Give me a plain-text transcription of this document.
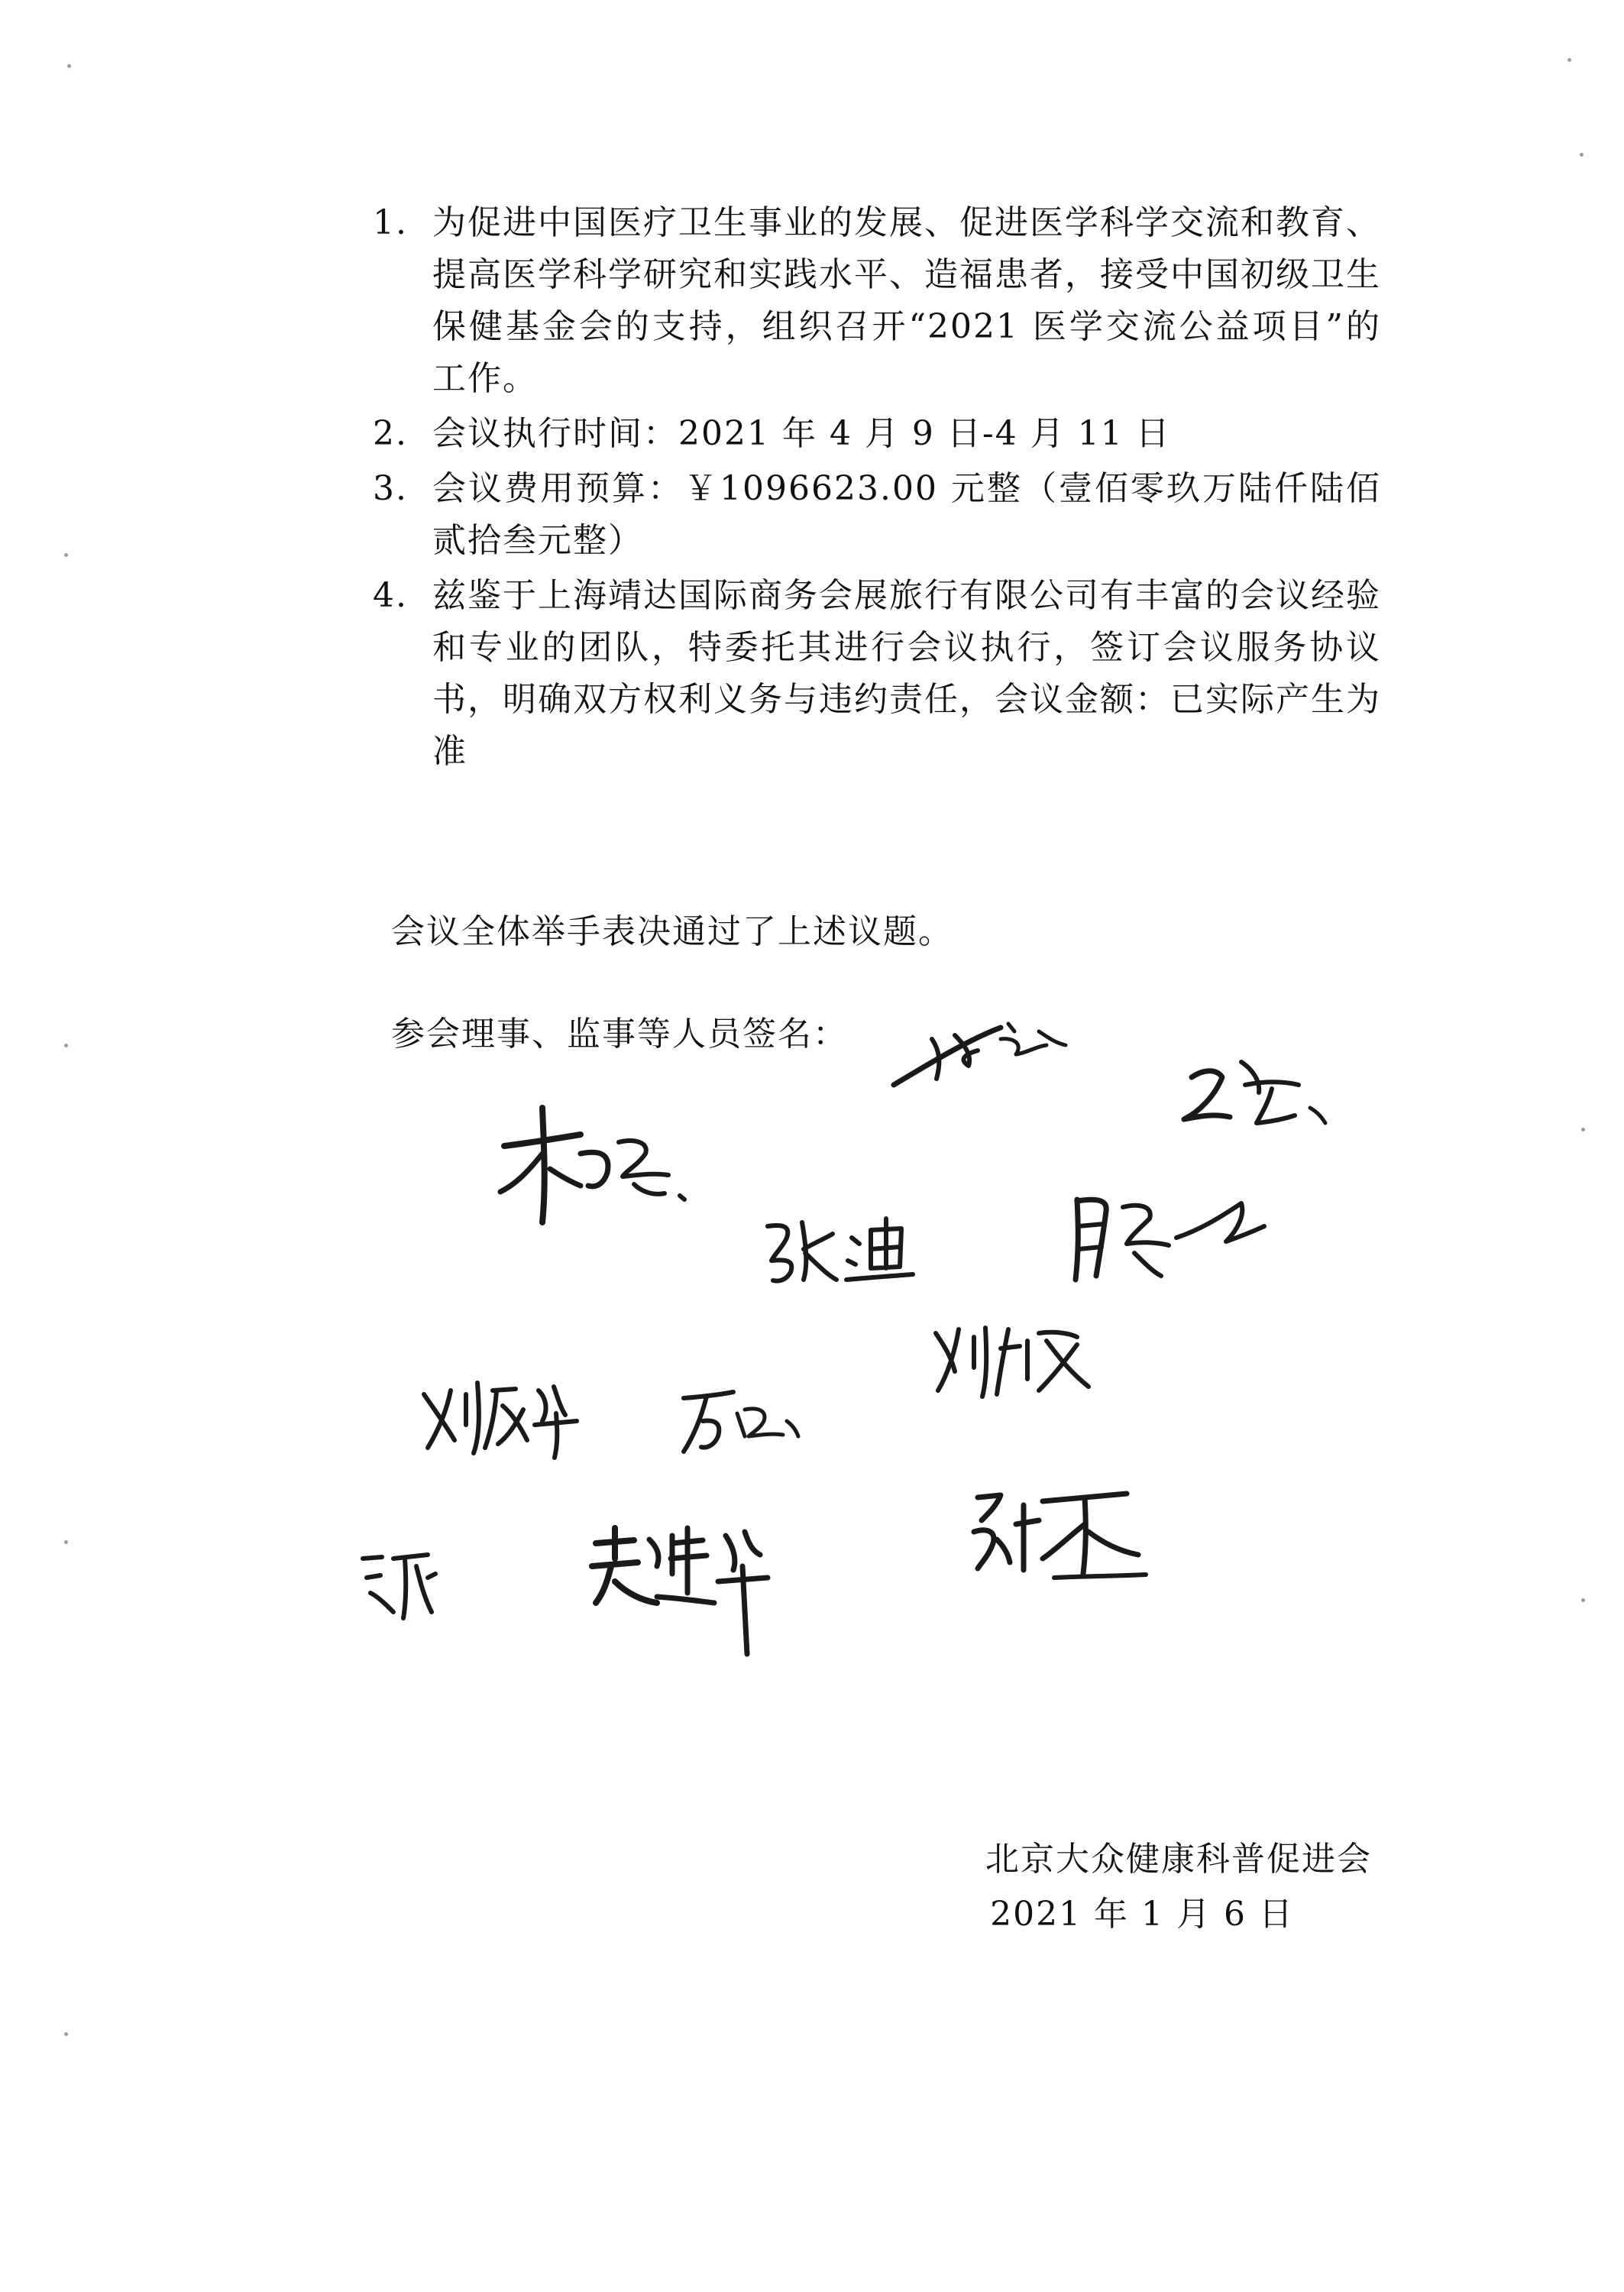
1. 为促进中国医疗卫生事业的发展、促进医学科学交流和教育、提高医学科学研究和实践水平、造福患者，接受中国初级卫生保健基金会的支持，组织召开“2021 医学交流公益项目”的工作。
2. 会议执行时间：2021 年 4 月 9 日-4 月 11 日
3. 会议费用预算：￥1096623.00 元整（壹佰零玖万陆仟陆佰贰拾叁元整）
4. 兹鉴于上海靖达国际商务会展旅行有限公司有丰富的会议经验和专业的团队，特委托其进行会议执行，签订会议服务协议书，明确双方权利义务与违约责任，会议金额：已实际产生为准
会议全体举手表决通过了上述议题。
参会理事、监事等人员签名：
北京大众健康科普促进会
2021 年 1 月 6 日
